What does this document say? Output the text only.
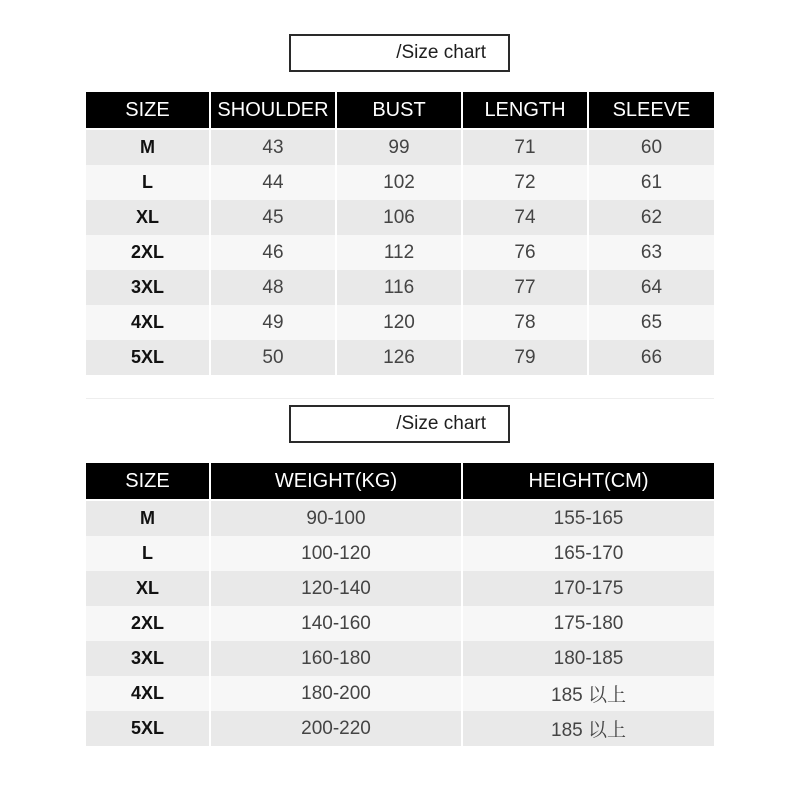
/Size chart
SIZE	SHOULDER	BUST	LENGTH	SLEEVE
M	43	99	71	60
L	44	102	72	61
XL	45	106	74	62
2XL	46	112	76	63
3XL	48	116	77	64
4XL	49	120	78	65
5XL	50	126	79	66
/Size chart
SIZE	WEIGHT(KG)	HEIGHT(CM)
M	90-100	155-165
L	100-120	165-170
XL	120-140	170-175
2XL	140-160	175-180
3XL	160-180	180-185
4XL	180-200	185 以上
5XL	200-220	185 以上
